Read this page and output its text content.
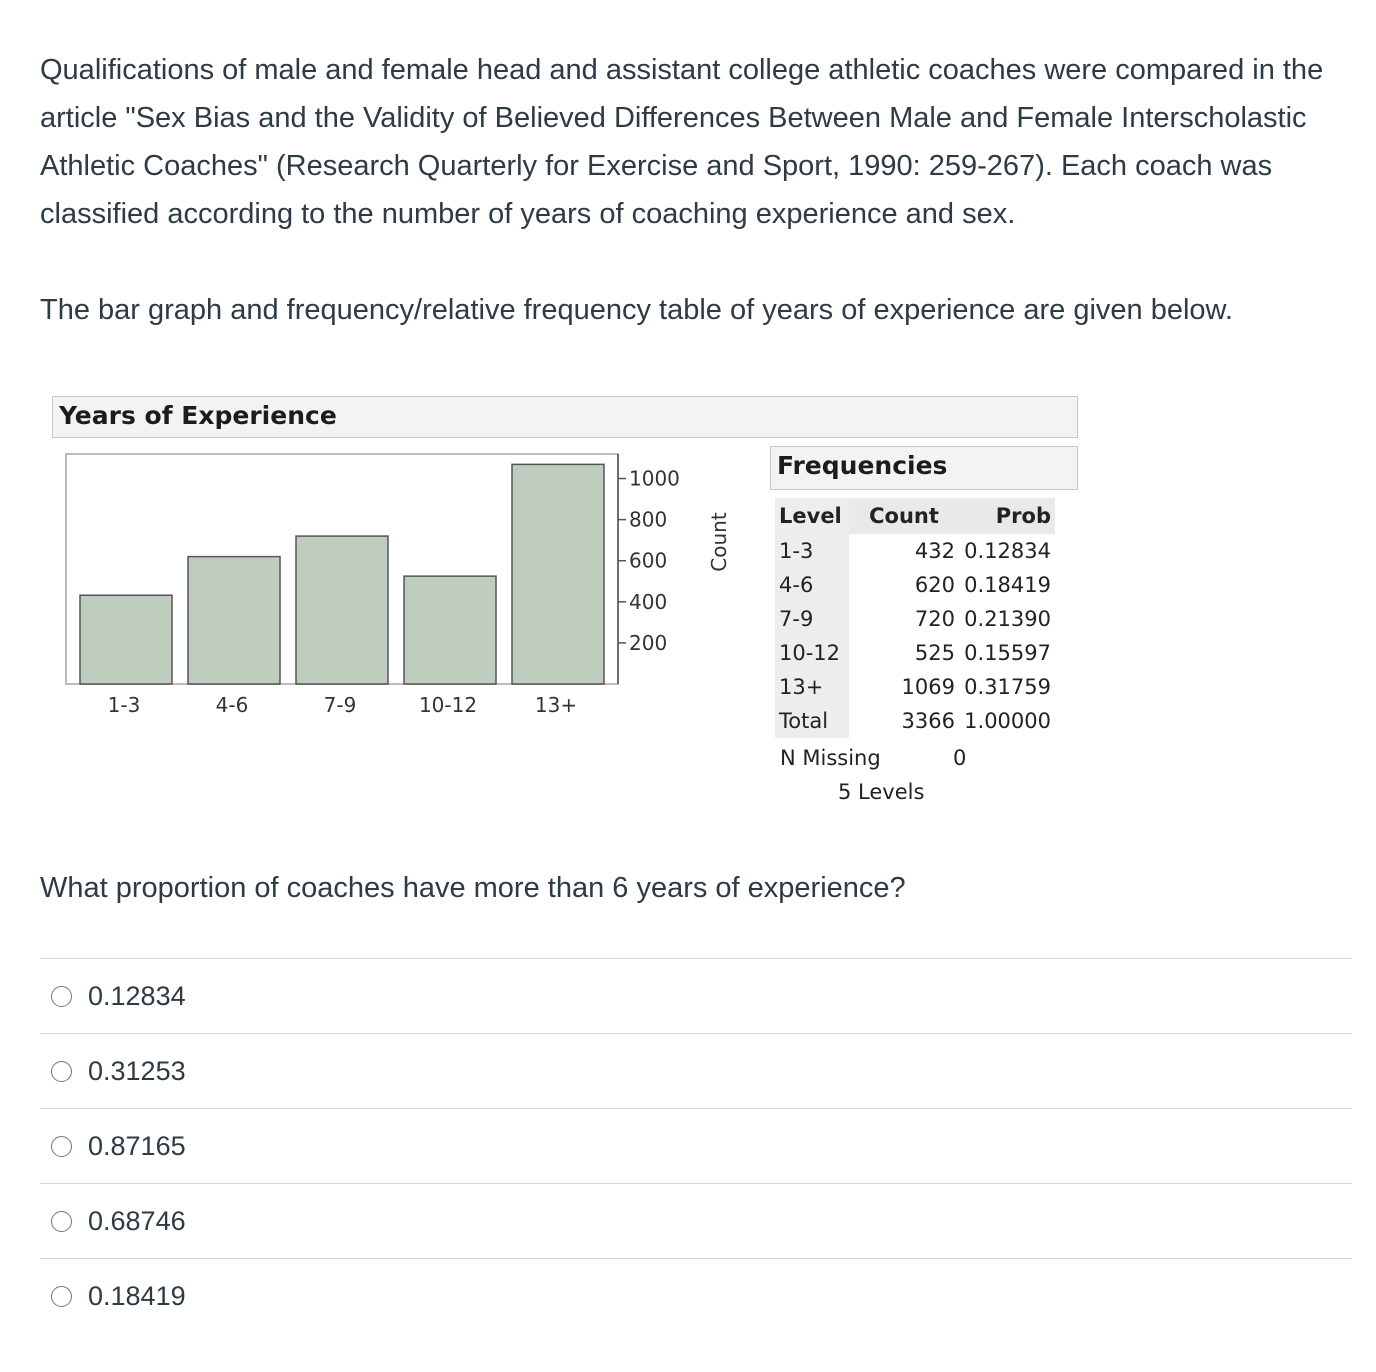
Qualifications of male and female head and assistant college athletic coaches were compared in the article "Sex Bias and the Validity of Believed Differences Between Male and Female Interscholastic Athletic Coaches" (Research Quarterly for Exercise and Sport, 1990: 259-267). Each coach was classified according to the number of years of coaching experience and sex.

The bar graph and frequency/relative frequency table of years of experience are given below.

Years of Experience
1-3	4-6	7-9	10-12	13+
200
400
600
800
1000
Count
Frequencies
Level	Count	Prob
1-3	432	0.12834
4-6	620	0.18419
7-9	720	0.21390
10-12	525	0.15597
13+	1069	0.31759
Total	3366	1.00000
N Missing	0
5 Levels

What proportion of coaches have more than 6 years of experience?

0.12834
0.31253
0.87165
0.68746
0.18419
